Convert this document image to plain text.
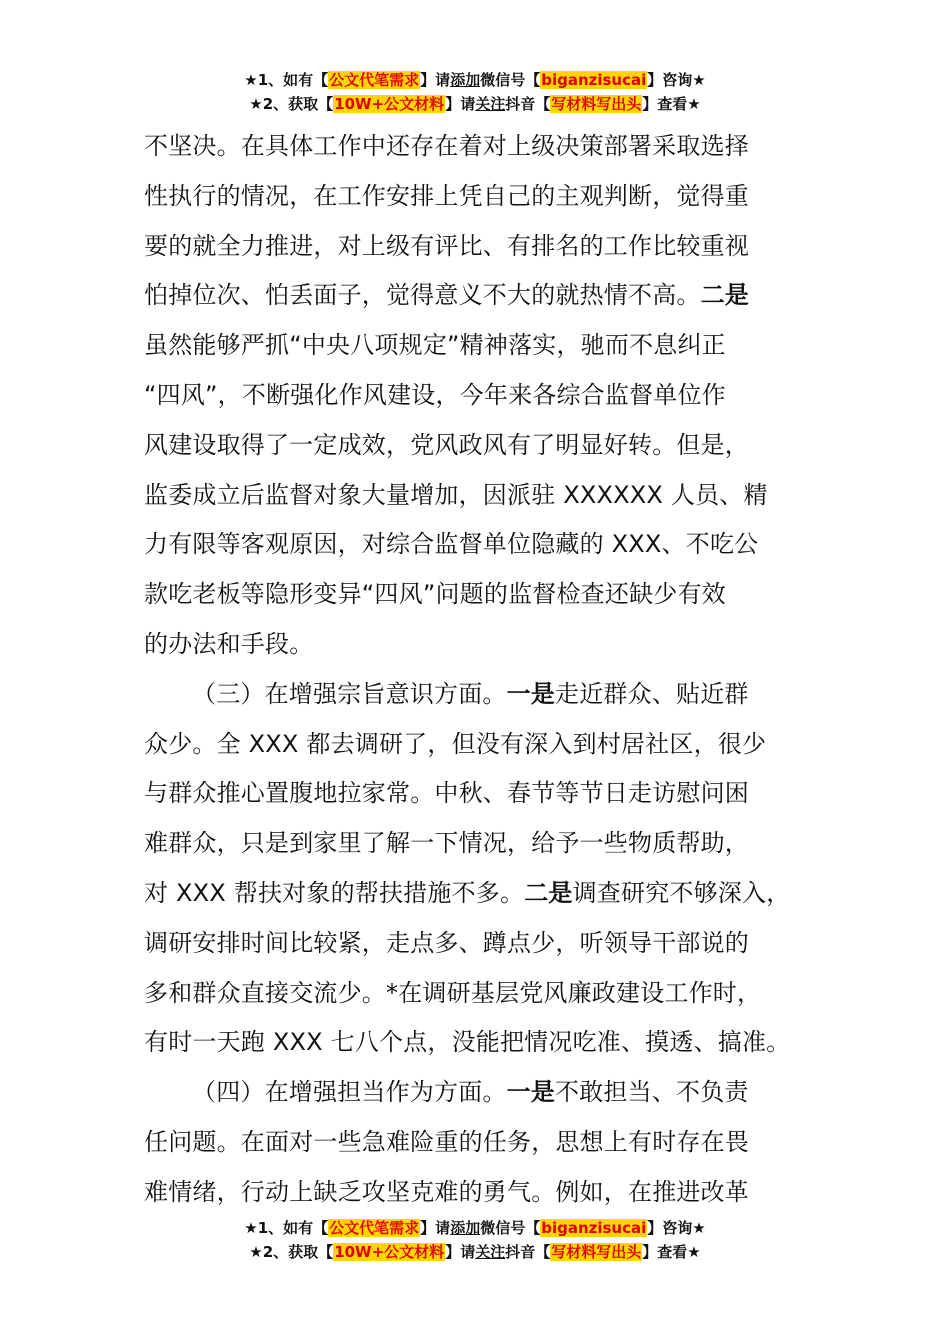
★1、如有【公文代笔需求】请添加微信号【biganzisucai】咨询★
★2、获取【10W+公文材料】请关注抖音【写材料写出头】查看★
不坚决。在具体工作中还存在着对上级决策部署采取选择
性执行的情况，在工作安排上凭自己的主观判断，觉得重
要的就全力推进，对上级有评比、有排名的工作比较重视
怕掉位次、怕丢面子，觉得意义不大的就热情不高。二是
虽然能够严抓“中央八项规定”精神落实，驰而不息纠正
“四风”，不断强化作风建设，今年来各综合监督单位作
风建设取得了一定成效，党风政风有了明显好转。但是，
监委成立后监督对象大量增加，因派驻 XXXXXX 人员、精
力有限等客观原因，对综合监督单位隐藏的 XXX、不吃公
款吃老板等隐形变异“四风”问题的监督检查还缺少有效
的办法和手段。
（三）在增强宗旨意识方面。一是走近群众、贴近群
众少。全 XXX 都去调研了，但没有深入到村居社区，很少
与群众推心置腹地拉家常。中秋、春节等节日走访慰问困
难群众，只是到家里了解一下情况，给予一些物质帮助，
对 XXX 帮扶对象的帮扶措施不多。二是调查研究不够深入，
调研安排时间比较紧，走点多、蹲点少，听领导干部说的
多和群众直接交流少。*在调研基层党风廉政建设工作时，
有时一天跑 XXX 七八个点，没能把情况吃准、摸透、搞准。
（四）在增强担当作为方面。一是不敢担当、不负责
任问题。在面对一些急难险重的任务，思想上有时存在畏
难情绪，行动上缺乏攻坚克难的勇气。例如，在推进改革
★1、如有【公文代笔需求】请添加微信号【biganzisucai】咨询★
★2、获取【10W+公文材料】请关注抖音【写材料写出头】查看★
